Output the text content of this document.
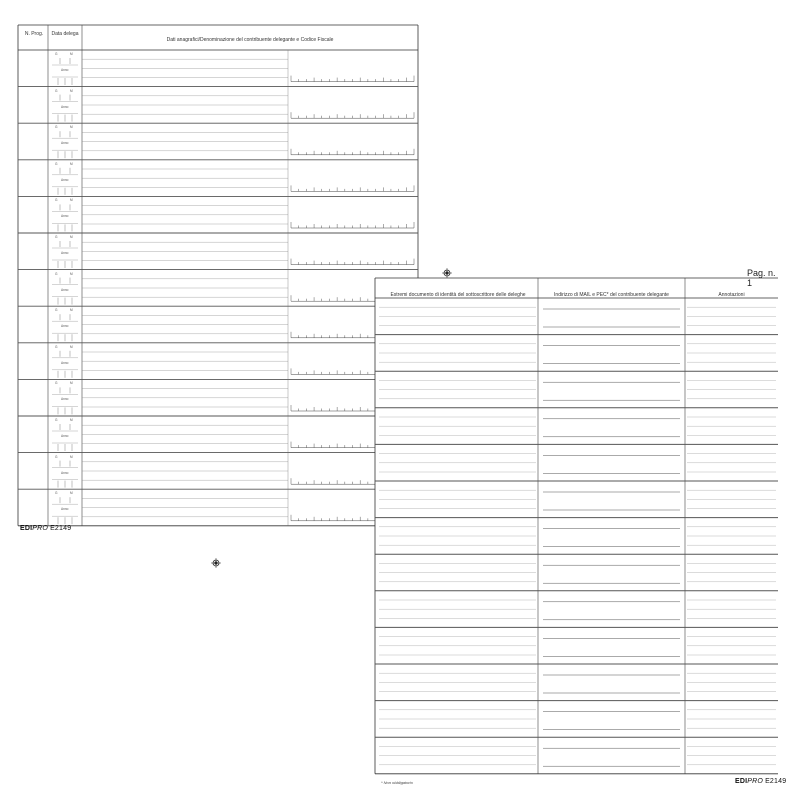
N. Prog.	Data delega
Dati anagrafici/Denominazione del contribuente delegante e Codice Fiscale
G	M
Anno
G	M
Anno
G	M
Anno
G	M
Anno
G	M
Anno
G	M
Anno
G	M
Anno
G	M
Anno
G	M
Anno
G	M
Anno
G	M
Anno
G	M
Anno
G	M
Anno
EDIPRO E2149
Pag. n. 1
Estremi documento di identità del sottoscrittore delle deleghe	Indirizzo di MAIL e PEC* del contribuente delegante	Annotazioni
* Non obbligatorio	EDIPRO E2149
